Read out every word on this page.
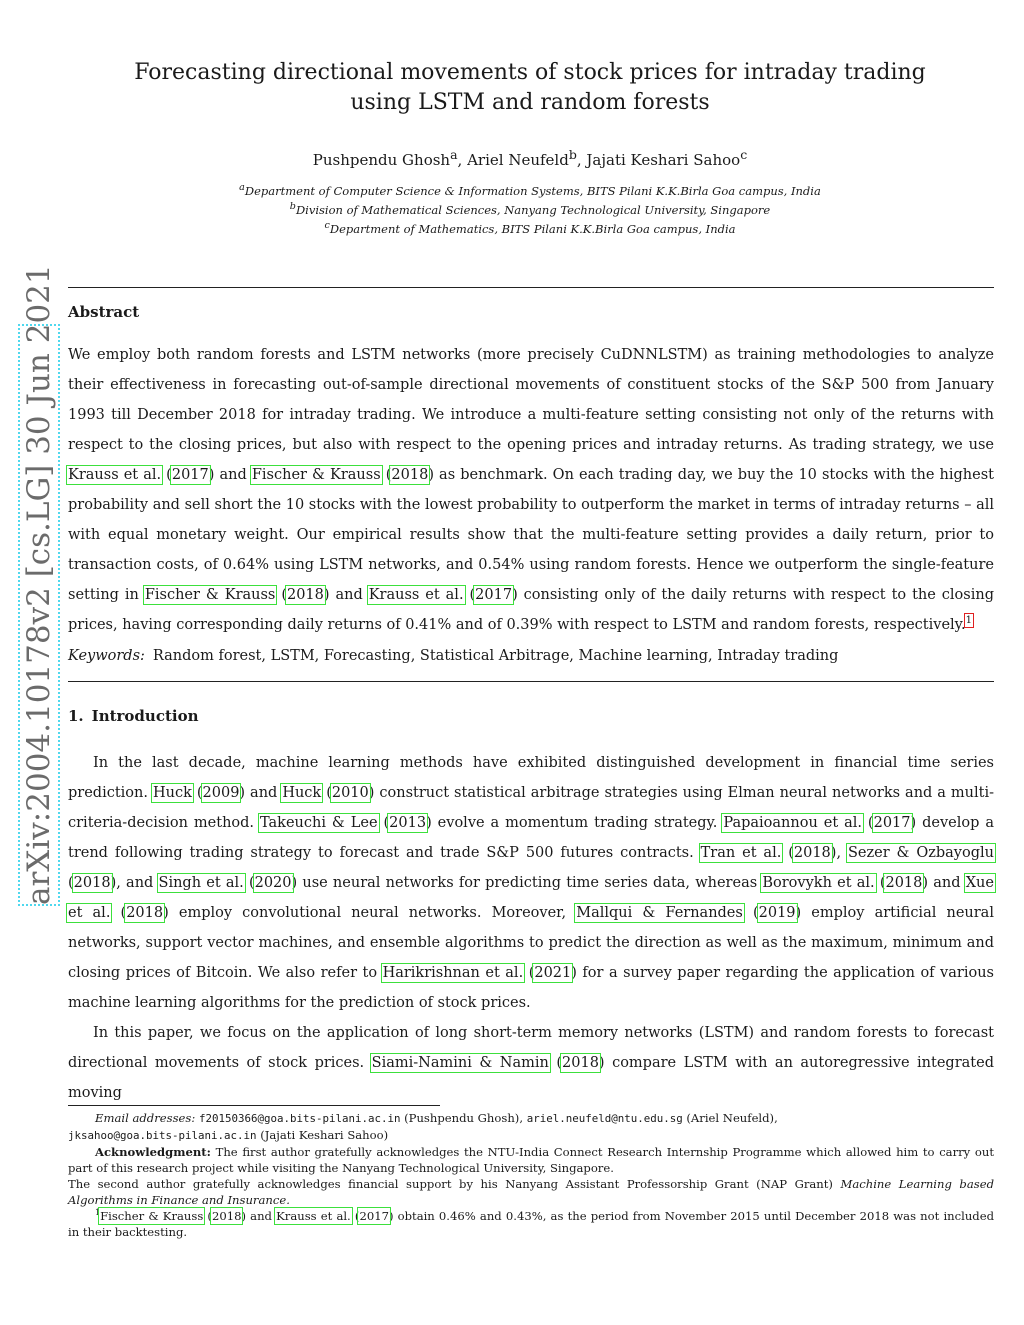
arXiv:2004.10178v2 [cs.LG] 30 Jun 2021
Forecasting directional movements of stock prices for intraday trading
using LSTM and random forests
Pushpendu Ghosh$^a$, Ariel Neufeld$^b$, Jajati Keshari Sahoo$^c$
$^a$Department of Computer Science & Information Systems, BITS Pilani K.K.Birla Goa campus, India
$^b$Division of Mathematical Sciences, Nanyang Technological University, Singapore
$^c$Department of Mathematics, BITS Pilani K.K.Birla Goa campus, India
Abstract
We employ both random forests and LSTM networks (more precisely CuDNNLSTM) as training methodologies to analyze their effectiveness in forecasting out-of-sample directional movements of constituent stocks of the S&P 500 from January 1993 till December 2018 for intraday trading. We introduce a multi-feature setting consisting not only of the returns with respect to the closing prices, but also with respect to the opening prices and intraday returns. As trading strategy, we use Krauss et al. (2017) and Fischer & Krauss (2018) as benchmark. On each trading day, we buy the 10 stocks with the highest probability and sell short the 10 stocks with the lowest probability to outperform the market in terms of intraday returns – all with equal monetary weight. Our empirical results show that the multi-feature setting provides a daily return, prior to transaction costs, of 0.64% using LSTM networks, and 0.54% using random forests. Hence we outperform the single-feature setting in Fischer & Krauss (2018) and Krauss et al. (2017) consisting only of the daily returns with respect to the closing prices, having corresponding daily returns of 0.41% and of 0.39% with respect to LSTM and random forests, respectively.$^1$
Keywords: Random forest, LSTM, Forecasting, Statistical Arbitrage, Machine learning, Intraday trading
1. Introduction
In the last decade, machine learning methods have exhibited distinguished development in financial time series prediction. Huck (2009) and Huck (2010) construct statistical arbitrage strategies using Elman neural networks and a multi-criteria-decision method. Takeuchi & Lee (2013) evolve a momentum trading strategy. Papaioannou et al. (2017) develop a trend following trading strategy to forecast and trade S&P 500 futures contracts. Tran et al. (2018), Sezer & Ozbayoglu (2018), and Singh et al. (2020) use neural networks for predicting time series data, whereas Borovykh et al. (2018) and Xue et al. (2018) employ convolutional neural networks. Moreover, Mallqui & Fernandes (2019) employ artificial neural networks, support vector machines, and ensemble algorithms to predict the direction as well as the maximum, minimum and closing prices of Bitcoin. We also refer to Harikrishnan et al. (2021) for a survey paper regarding the application of various machine learning algorithms for the prediction of stock prices.
In this paper, we focus on the application of long short-term memory networks (LSTM) and random forests to forecast directional movements of stock prices. Siami-Namini & Namin (2018) compare LSTM with an autoregressive integrated moving

Email addresses: f20150366@goa.bits-pilani.ac.in (Pushpendu Ghosh), ariel.neufeld@ntu.edu.sg (Ariel Neufeld),
jksahoo@goa.bits-pilani.ac.in (Jajati Keshari Sahoo)

Acknowledgment: The first author gratefully acknowledges the NTU-India Connect Research Internship Programme which allowed him to carry out part of this research project while visiting the Nanyang Technological University, Singapore.

The second author gratefully acknowledges financial support by his Nanyang Assistant Professorship Grant (NAP Grant) Machine Learning based Algorithms in Finance and Insurance.

$^1$Fischer & Krauss (2018) and Krauss et al. (2017) obtain 0.46% and 0.43%, as the period from November 2015 until December 2018 was not included in their backtesting.
